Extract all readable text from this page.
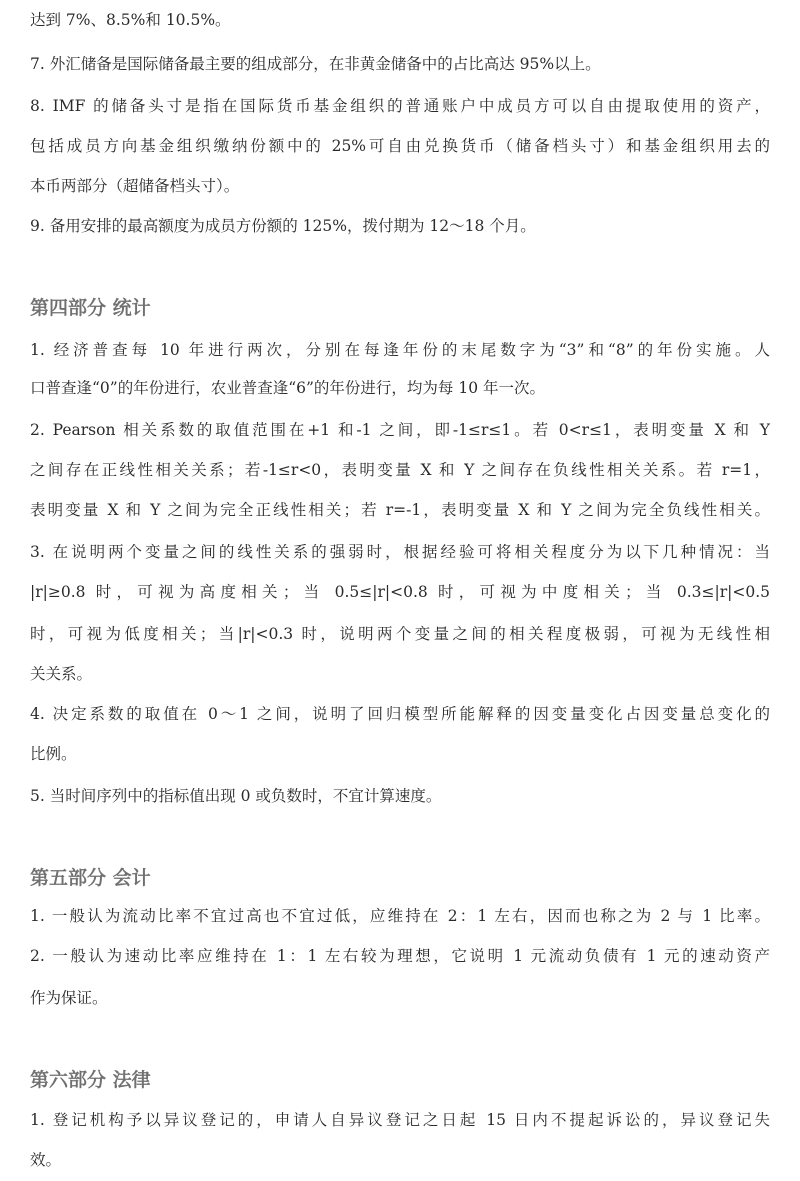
达到 7%、8.5%和 10.5%。

7. 外汇储备是国际储备最主要的组成部分，在非黄金储备中的占比高达 95%以上。

8. IMF 的储备头寸是指在国际货币基金组织的普通账户中成员方可以自由提取使用的资产，

包括成员方向基金组织缴纳份额中的 25%可自由兑换货币（储备档头寸）和基金组织用去的

本币两部分（超储备档头寸）。

9. 备用安排的最高额度为成员方份额的 125%，拨付期为 12～18 个月。

第四部分 统计

1. 经济普查每 10 年进行两次，分别在每逢年份的末尾数字为“3”和“8”的年份实施。人

口普查逢“0”的年份进行，农业普查逢“6”的年份进行，均为每 10 年一次。

2. Pearson 相关系数的取值范围在+1 和-1 之间，即-1≤r≤1。若 0<r≤1，表明变量 X 和 Y

之间存在正线性相关关系；若-1≤r<0，表明变量 X 和 Y 之间存在负线性相关关系。若 r=1，

表明变量 X 和 Y 之间为完全正线性相关；若 r=-1，表明变量 X 和 Y 之间为完全负线性相关。

3. 在说明两个变量之间的线性关系的强弱时，根据经验可将相关程度分为以下几种情况：当

|r|≥0.8 时，可视为高度相关；当 0.5≤|r|<0.8 时，可视为中度相关；当 0.3≤|r|<0.5

时，可视为低度相关；当|r|<0.3 时，说明两个变量之间的相关程度极弱，可视为无线性相

关关系。

4. 决定系数的取值在 0～1 之间，说明了回归模型所能解释的因变量变化占因变量总变化的

比例。

5. 当时间序列中的指标值出现 0 或负数时，不宜计算速度。

第五部分 会计

1. 一般认为流动比率不宜过高也不宜过低，应维持在 2：1 左右，因而也称之为 2 与 1 比率。

2. 一般认为速动比率应维持在 1：1 左右较为理想，它说明 1 元流动负债有 1 元的速动资产

作为保证。

第六部分 法律

1. 登记机构予以异议登记的，申请人自异议登记之日起 15 日内不提起诉讼的，异议登记失

效。
